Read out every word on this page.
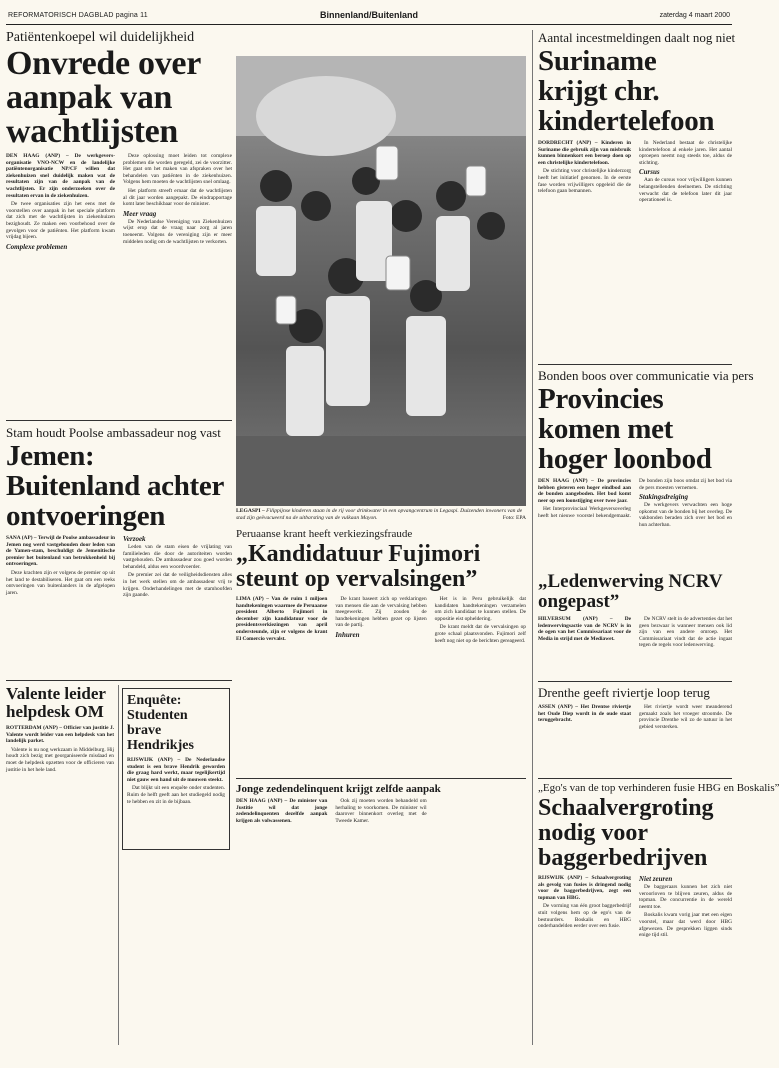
REFORMATORISCH DAGBLAD pagina 11	Binnenland/Buitenland	zaterdag 4 maart 2000
Patiëntenkoepel wil duidelijkheid
Onvrede over aanpak van wachtlijsten

DEN HAAG (ANP) – De werkgevers-organisatie VNO-NCW en de landelijke patiëntenorganisatie NP/CF willen dat ziekenhuizen snel duidelijk maken wat de resultaten zijn van de aanpak van de wachtlijsten. Er zijn onderzoeken over de resultaten ervan in de ziekenhuizen.

De twee organisaties zijn het eens met de voorstellen over aanpak in het speciale platform dat zich met de wachtlijsten in ziekenhuizen bezighoudt. Ze maken een voorbehoud over de gevolgen voor de patiënten. Het platform kwam vrijdag bijeen.

Complexe problemen

Deze oplossing moet leiden tot complexe problemen die worden geregeld, zei de voorzitter. Het gaat om het maken van afspraken over het behandelen van patiënten in de ziekenhuizen. Volgens hem moeten de wachtlijsten snel omlaag.

Het platform streeft ernaar dat de wachtlijsten al dit jaar worden aangepakt. De eindrapportage komt later beschikbaar voor de minister.

Meer vraag

De Nederlandse Vereniging van Ziekenhuizen wijst erop dat de vraag naar zorg al jaren toeneemt. Volgens de vereniging zijn er meer middelen nodig om de wachtlijsten te verkorten.

Stam houdt Poolse ambassadeur nog vast
Jemen: Buitenland achter ontvoeringen

SANA (AP) – Terwijl de Poolse ambassadeur in Jemen nog werd vastgehouden door leden van de Yamen-stam, beschuldigt de Jemenitische premier het buitenland van betrokkenheid bij ontvoeringen.

Deze krachten zijn er volgens de premier op uit het land te destabiliseren. Het gaat om een reeks ontvoeringen van buitenlanders in de afgelopen jaren.

Verzoek

Leden van de stam eisen de vrijlating van familieleden die door de autoriteiten worden vastgehouden. De ambassadeur zou goed worden behandeld, aldus een woordvoerder.

De premier zei dat de veiligheidsdiensten alles in het werk stellen om de ambassadeur vrij te krijgen. Onderhandelingen met de stamhoofden zijn gaande.

Valente leider helpdesk OM

ROTTERDAM (ANP) – Officier van justitie J. Valente wordt leider van een helpdesk van het landelijk parket.

Valente is nu nog werkzaam in Middelburg. Hij houdt zich bezig met georganiseerde misdaad en moet de helpdesk opzetten voor de officieren van justitie in het hele land.

Enquête: Studenten brave Hendrikjes

RIJSWIJK (ANP) – De Nederlandse student is een brave Hendrik geworden die graag hard werkt, maar tegelijkertijd niet gauw een hand uit de mouwen steekt.

Dat blijkt uit een enquête onder studenten. Ruim de helft geeft aan het studiegeld nodig te hebben en zit in de bijbaan.

LEGASPI – Filippijnse kinderen staan in de rij voor drinkwater in een opvangcentrum in Legaspi. Duizenden inwoners van de stad zijn geëvacueerd na de uitbarsting van de vulkaan Mayon.	Foto: EPA
Peruaanse krant heeft verkiezingsfraude
„Kandidatuur Fujimori steunt op vervalsingen”

LIMA (AP) – Van de ruim 1 miljoen handtekeningen waarmee de Peruaanse president Alberto Fujimori in december zijn kandidatuur voor de presidentsverkiezingen van april ondersteunde, zijn er volgens de krant El Comercio vervalst.

De krant baseert zich op verklaringen van mensen die aan de vervalsing hebben meegewerkt. Zij zouden de handtekeningen hebben gezet op lijsten van de partij.

Inhuren

Het is in Peru gebruikelijk dat kandidaten handtekeningen verzamelen om zich kandidaat te kunnen stellen. De oppositie eist opheldering.

De krant meldt dat de vervalsingen op grote schaal plaatsvonden. Fujimori zelf heeft nog niet op de berichten gereageerd.

Jonge zedendelinquent krijgt zelfde aanpak

DEN HAAG (ANP) – De minister van Justitie wil dat jonge zedendelinquenten dezelfde aanpak krijgen als volwassenen.

Ook zij moeten worden behandeld om herhaling te voorkomen. De minister wil daarover binnenkort overleg met de Tweede Kamer.

Aantal incestmeldingen daalt nog niet
Suriname krijgt chr. kindertelefoon

DORDRECHT (ANP) – Kinderen in Suriname die gebruik zijn van misbruik kunnen binnenkort een beroep doen op een christelijke kindertelefoon.

De stichting voor christelijke kinderzorg heeft het initiatief genomen. In de eerste fase worden vrijwilligers opgeleid die de telefoon gaan bemannen.

In Nederland bestaat de christelijke kindertelefoon al enkele jaren. Het aantal oproepen neemt nog steeds toe, aldus de stichting.

Cursus

Aan de cursus voor vrijwilligers kunnen belangstellenden deelnemen. De stichting verwacht dat de telefoon later dit jaar operationeel is.

Bonden boos over communicatie via pers
Provincies komen met hoger loonbod

DEN HAAG (ANP) – De provincies hebben gisteren een hoger eindbod aan de bonden aangeboden. Het bod komt neer op een loonstijging over twee jaar.

Het Interprovinciaal Werkgeversoverleg heeft het nieuwe voorstel bekendgemaakt. De bonden zijn boos omdat zij het bod via de pers moesten vernemen.

Stakingsdreiging

De werkgevers verwachten een hoge opkomst van de bonden bij het overleg. De vakbonden beraden zich over het bod en hun achterban.

„Ledenwerving NCRV ongepast”

HILVERSUM (ANP) – De ledenwervingsactie van de NCRV is in de ogen van het Commissariaat voor de Media in strijd met de Mediawet.

De NCRV stelt in de advertenties dat het geen bezwaar is wanneer mensen ook lid zijn van een andere omroep. Het Commissariaat vindt dat de actie ingaat tegen de regels voor ledenwerving.

Drenthe geeft riviertje loop terug

ASSEN (ANP) – Het Drentse riviertje het Oude Diep wordt in de oude staat teruggebracht.

Het riviertje wordt weer meanderend gemaakt zoals het vroeger stroomde. De provincie Drenthe wil zo de natuur in het gebied versterken.

„Ego's van de top verhinderen fusie HBG en Boskalis”
Schaalvergroting nodig voor baggerbedrijven

RIJSWIJK (ANP) – Schaalvergroting als gevolg van fusies is dringend nodig voor de baggerbedrijven, zegt een topman van HBG.

De vorming van één groot baggerbedrijf stuit volgens hem op de ego's van de bestuurders. Boskalis en HBG onderhandelden eerder over een fusie.

Niet zeuren

De baggeraars kunnen het zich niet veroorloven te blijven zeuren, aldus de topman. De concurrentie in de wereld neemt toe.

Boskalis kwam vorig jaar met een eigen voorstel, maar dat werd door HBG afgewezen. De gesprekken liggen sinds enige tijd stil.
